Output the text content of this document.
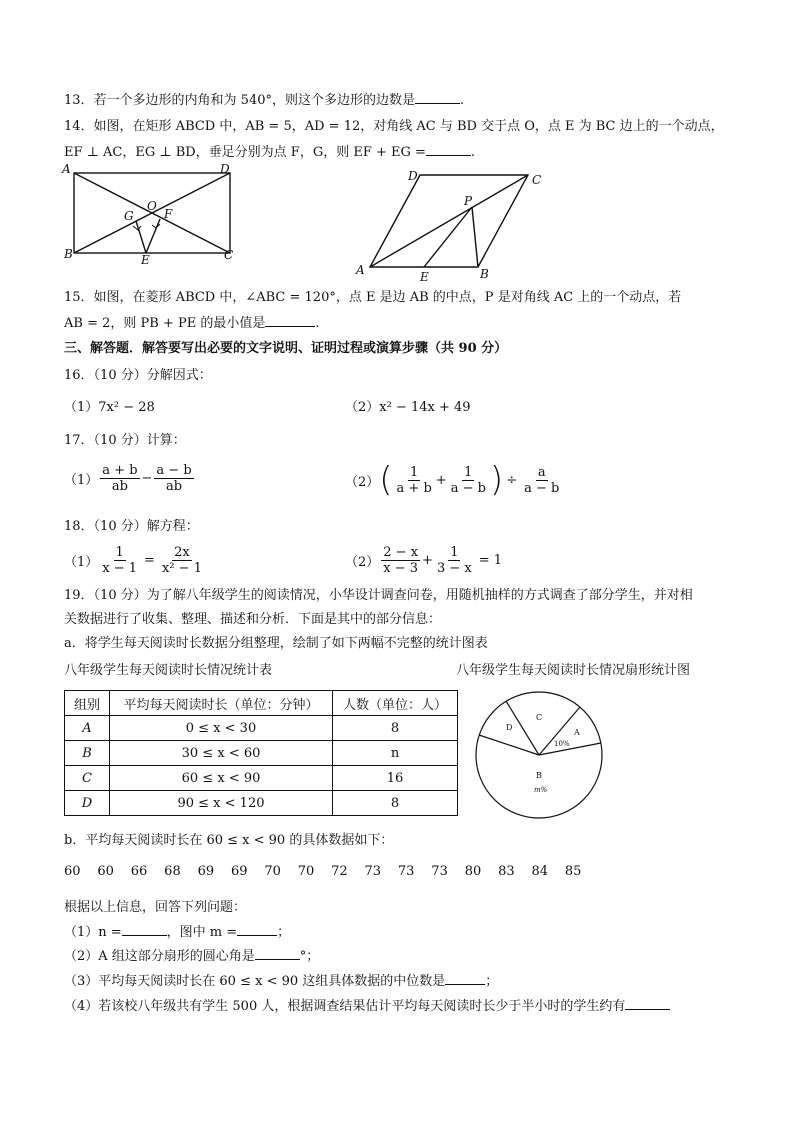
13．若一个多边形的内角和为 540°，则这个多边形的边数是	.
14．如图，在矩形 ABCD 中，AB = 5，AD = 12，对角线 AC 与 BD 交于点 O，点 E 为 BC 边上的一个动点，
EF ⊥ AC，EG ⊥ BD，垂足分别为点 F，G，则 EF + EG =	.
A
B	C
D
O
G	F
E
A	B
C
D
P
E
15．如图，在菱形 ABCD 中，∠ABC = 120°，点 E 是边 AB 的中点，P 是对角线 AC 上的一个动点，若
AB = 2，则 PB + PE 的最小值是	.
三、解答题．解答要写出必要的文字说明、证明过程或演算步骤（共 90 分）
16．（10 分）分解因式：
（1）7x² − 28	（2）x² − 14x + 49
17．（10 分）计算：
$(1) \frac{a + b}{ab} - \frac{a - b}{ab}$	（2） ( $\frac{1}{a + b} + \frac{1}{a - b}$ ) ÷ $\frac{a}{a - b}$
18．（10 分）解方程：
$(1) \frac{1}{x - 1} = \frac{2x}{\text{x² − 1}}$	$(2) \frac{2 - x}{x - 3} + \frac{1}{3 - x} = 1$
19．（10 分）为了解八年级学生的阅读情况，小华设计调查问卷，用随机抽样的方式调查了部分学生，并对相
关数据进行了收集、整理、描述和分析．下面是其中的部分信息：
a．将学生每天阅读时长数据分组整理，绘制了如下两幅不完整的统计图表
八年级学生每天阅读时长情况统计表	八年级学生每天阅读时长情况扇形统计图
组别	平均每天阅读时长（单位：分钟）	人数（单位：人）
A	0 ≤ x < 30	8
B	30 ≤ x < 60	n
C	60 ≤ x < 90	16
D	90 ≤ x < 120	8
D
C
A
10%
B
m%
b．平均每天阅读时长在 60 ≤ x < 90 的具体数据如下：
60	60	66	68	69	69	70	70	72	73	73	73	80	83	84	85
根据以上信息，回答下列问题：
（1）n =	，图中 m =	；
（2）A 组这部分扇形的圆心角是	°；
（3）平均每天阅读时长在 60 ≤ x < 90 这组具体数据的中位数是	；
（4）若该校八年级共有学生 500 人，根据调查结果估计平均每天阅读时长少于半小时的学生约有
